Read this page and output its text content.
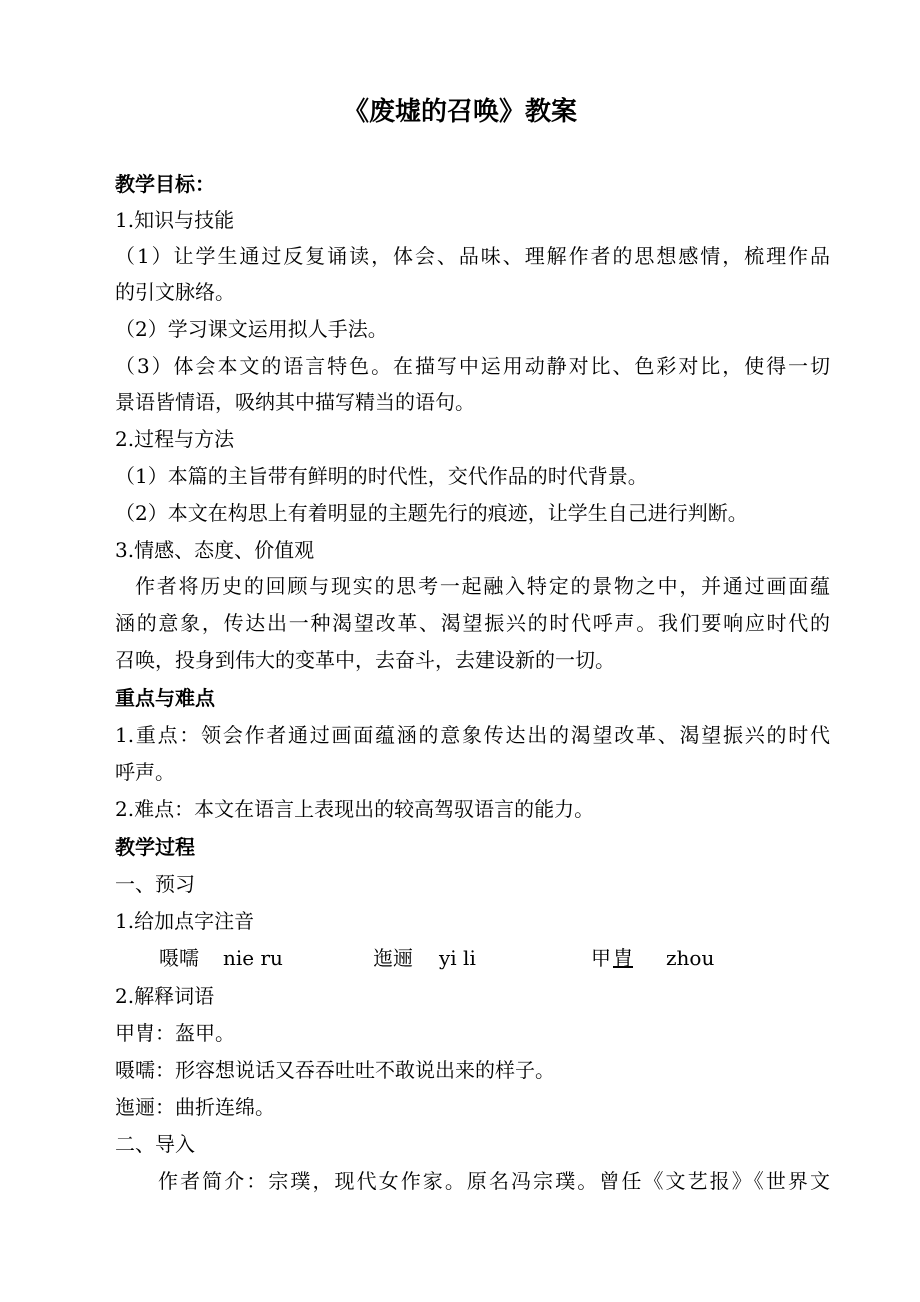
《废墟的召唤》教案
教学目标：
1.知识与技能
（1）让学生通过反复诵读，体会、品味、理解作者的思想感情，梳理作品
的引文脉络。
（2）学习课文运用拟人手法。
（3）体会本文的语言特色。在描写中运用动静对比、色彩对比，使得一切
景语皆情语，吸纳其中描写精当的语句。
2.过程与方法
（1）本篇的主旨带有鲜明的时代性，交代作品的时代背景。
（2）本文在构思上有着明显的主题先行的痕迹，让学生自己进行判断。
3.情感、态度、价值观
作者将历史的回顾与现实的思考一起融入特定的景物之中，并通过画面蕴
涵的意象，传达出一种渴望改革、渴望振兴的时代呼声。我们要响应时代的
召唤，投身到伟大的变革中，去奋斗，去建设新的一切。
重点与难点
1.重点：领会作者通过画面蕴涵的意象传达出的渴望改革、渴望振兴的时代
呼声。
2.难点：本文在语言上表现出的较高驾驭语言的能力。
教学过程
一、预习
1.给加点字注音
嗫嚅 nie ru	迤逦 yi li	甲 胄 zhou
2.解释词语
甲胄：盔甲。
嗫嚅：形容想说话又吞吞吐吐不敢说出来的样子。
迤逦：曲折连绵。
二、导入
作者简介：宗璞，现代女作家。原名冯宗璞。曾任《文艺报》《世界文
